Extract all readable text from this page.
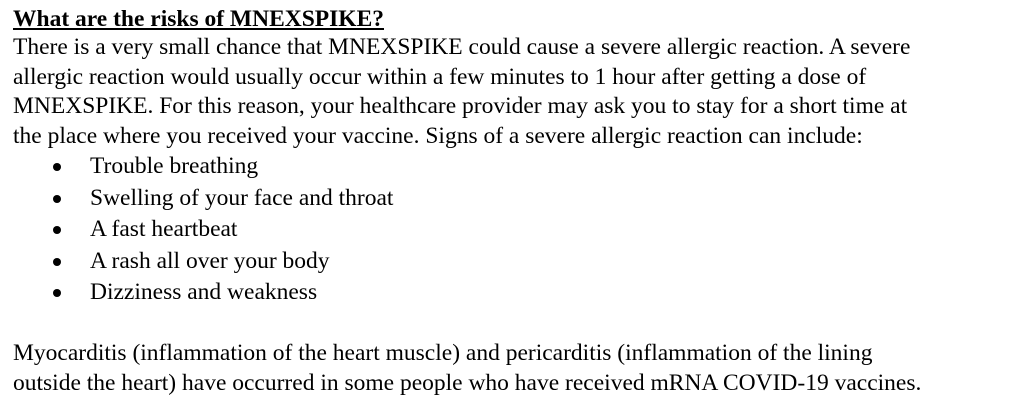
What are the risks of MNEXSPIKE?

There is a very small chance that MNEXSPIKE could cause a severe allergic reaction. A severe
allergic reaction would usually occur within a few minutes to 1 hour after getting a dose of
MNEXSPIKE. For this reason, your healthcare provider may ask you to stay for a short time at
the place where you received your vaccine. Signs of a severe allergic reaction can include:

Trouble breathing
Swelling of your face and throat
A fast heartbeat
A rash all over your body
Dizziness and weakness

Myocarditis (inflammation of the heart muscle) and pericarditis (inflammation of the lining
outside the heart) have occurred in some people who have received mRNA COVID-19 vaccines.
